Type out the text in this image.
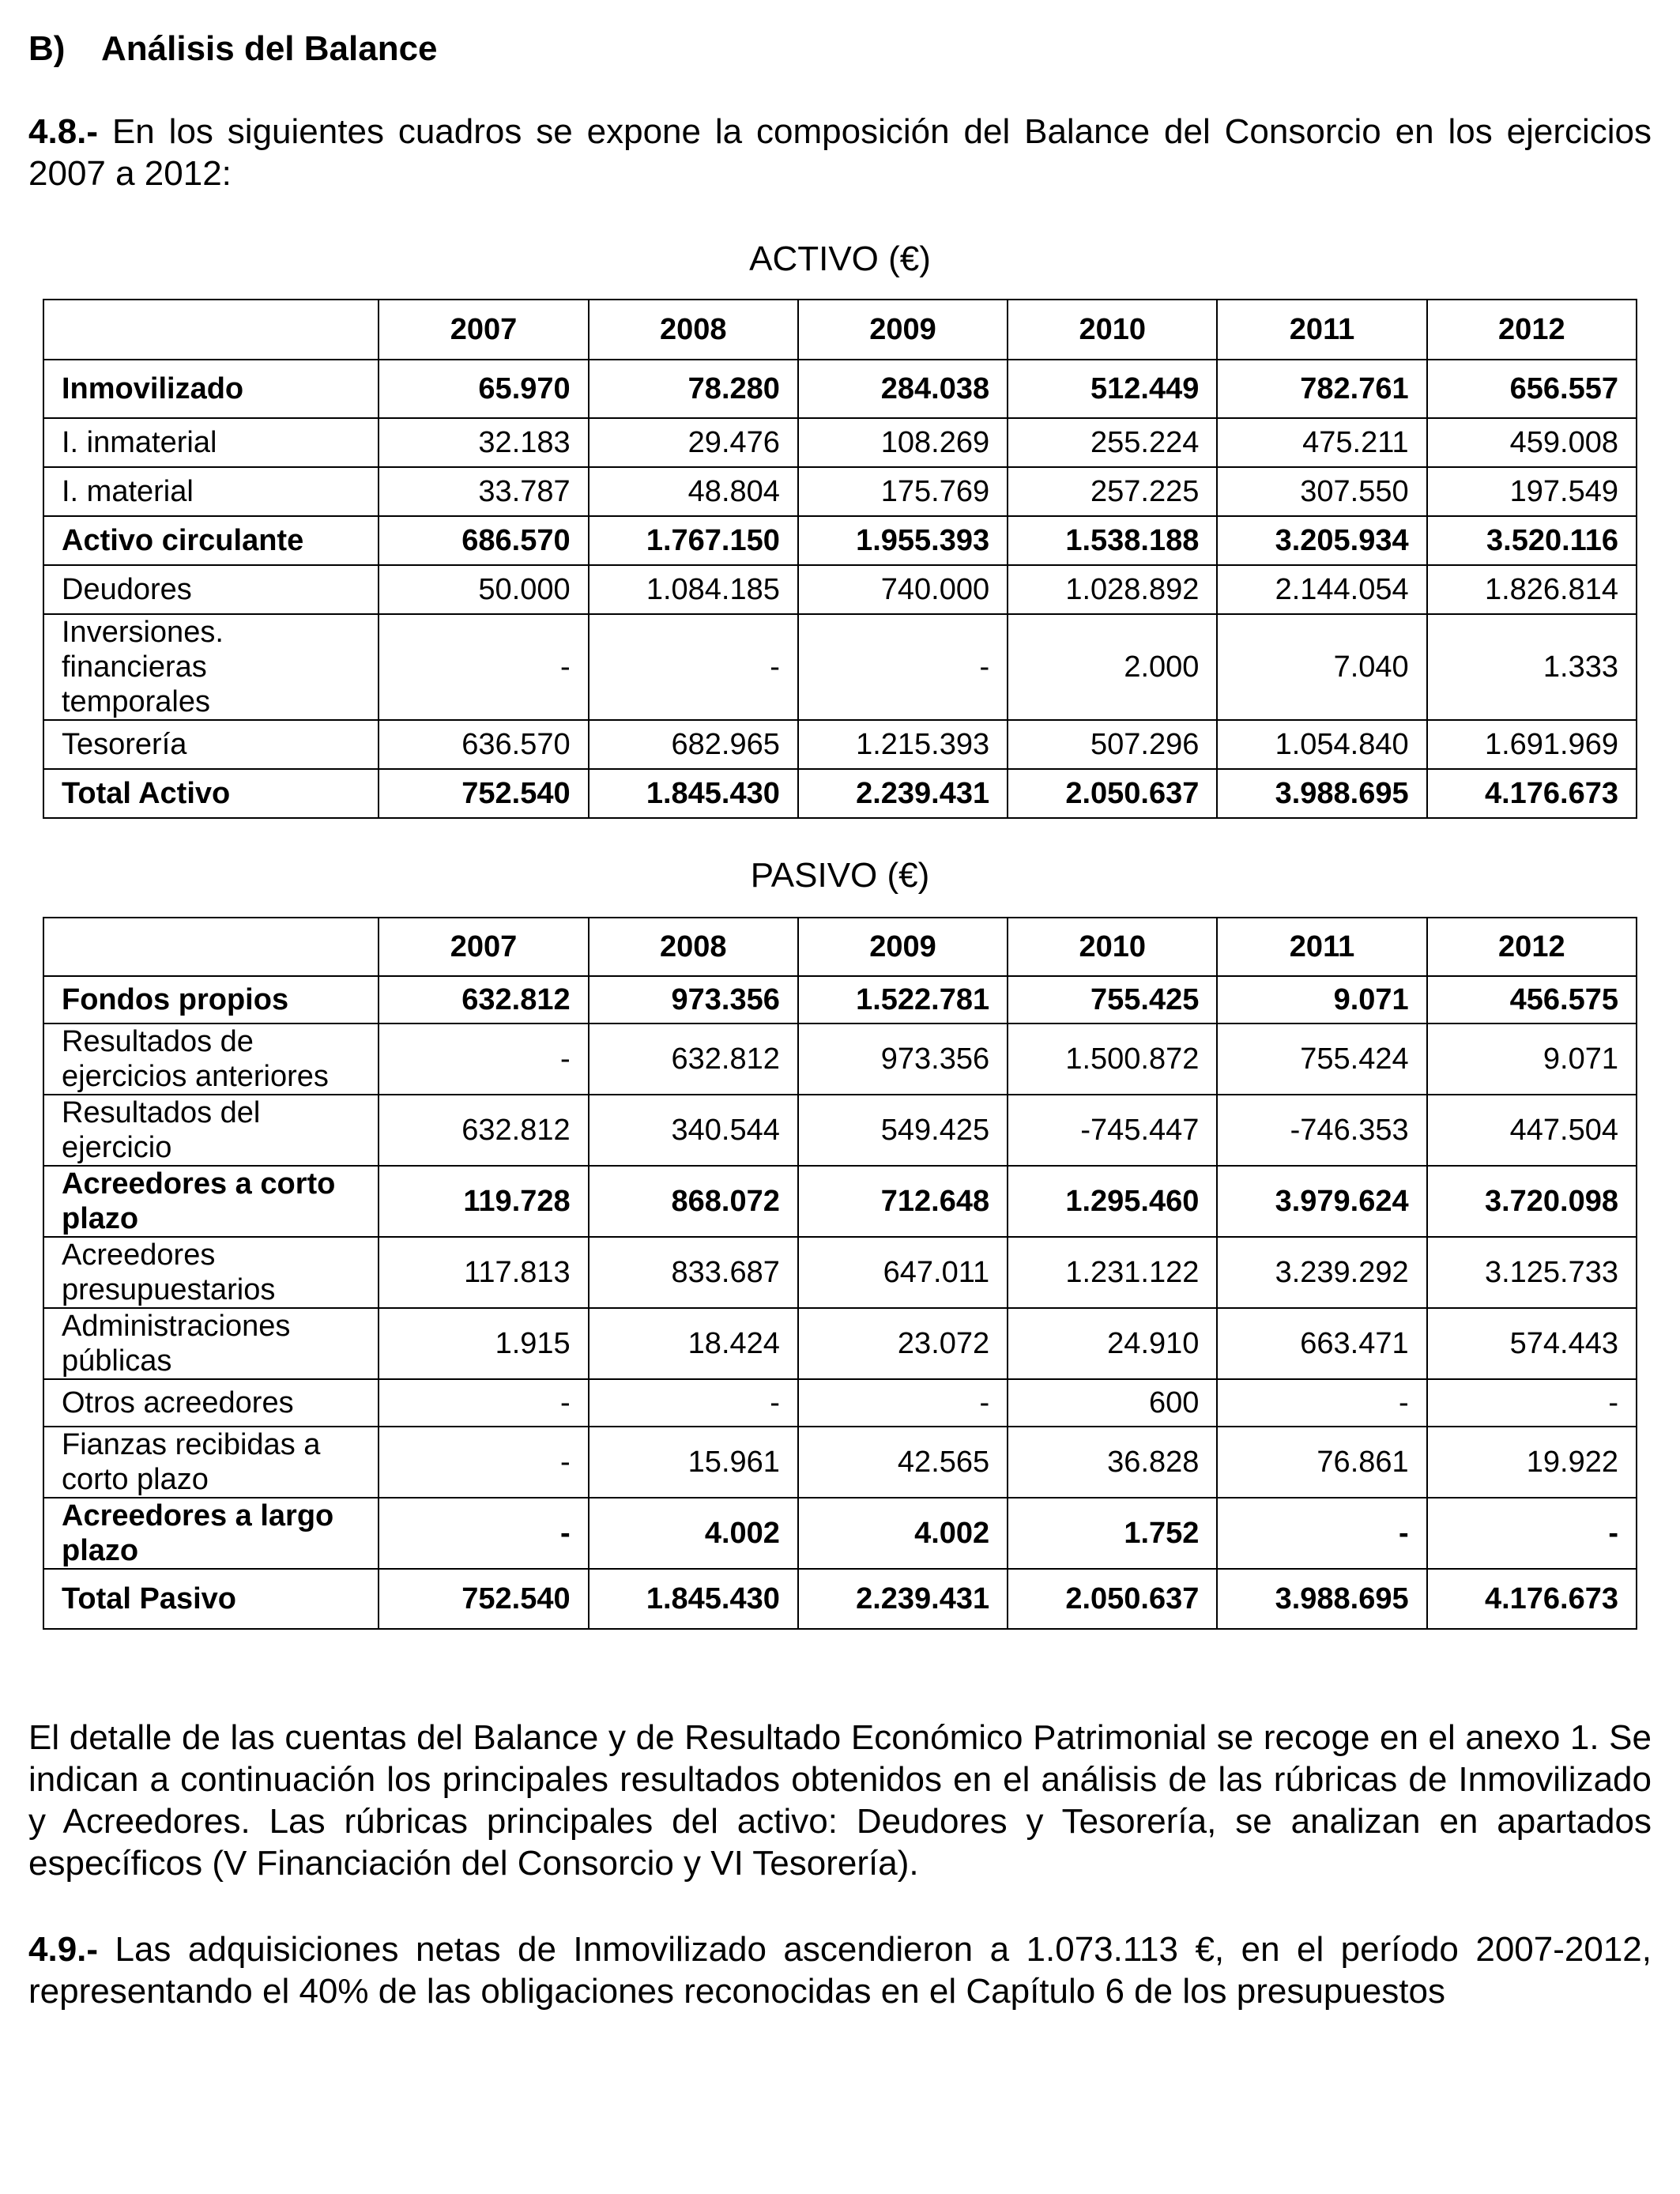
B) Análisis del Balance
4.8.- En los siguientes cuadros se expone la composición del Balance del Consorcio en los ejercicios 2007 a 2012:
ACTIVO (€)
	2007	2008	2009	2010	2011	2012
Inmovilizado	65.970	78.280	284.038	512.449	782.761	656.557
I. inmaterial	32.183	29.476	108.269	255.224	475.211	459.008
I. material	33.787	48.804	175.769	257.225	307.550	197.549
Activo circulante	686.570	1.767.150	1.955.393	1.538.188	3.205.934	3.520.116
Deudores	50.000	1.084.185	740.000	1.028.892	2.144.054	1.826.814
Inversiones. financieras temporales	-	-	-	2.000	7.040	1.333
Tesorería	636.570	682.965	1.215.393	507.296	1.054.840	1.691.969
Total Activo	752.540	1.845.430	2.239.431	2.050.637	3.988.695	4.176.673
PASIVO (€)
	2007	2008	2009	2010	2011	2012
Fondos propios	632.812	973.356	1.522.781	755.425	9.071	456.575
Resultados de ejercicios anteriores	-	632.812	973.356	1.500.872	755.424	9.071
Resultados del ejercicio	632.812	340.544	549.425	-745.447	-746.353	447.504
Acreedores a corto plazo	119.728	868.072	712.648	1.295.460	3.979.624	3.720.098
Acreedores presupuestarios	117.813	833.687	647.011	1.231.122	3.239.292	3.125.733
Administraciones públicas	1.915	18.424	23.072	24.910	663.471	574.443
Otros acreedores	-	-	-	600	-	-
Fianzas recibidas a corto plazo	-	15.961	42.565	36.828	76.861	19.922
Acreedores a largo plazo	-	4.002	4.002	1.752	-	-
Total Pasivo	752.540	1.845.430	2.239.431	2.050.637	3.988.695	4.176.673
El detalle de las cuentas del Balance y de Resultado Económico Patrimonial se recoge en el anexo 1. Se indican a continuación los principales resultados obtenidos en el análisis de las rúbricas de Inmovilizado y Acreedores. Las rúbricas principales del activo: Deudores y Tesorería, se analizan en apartados específicos (V Financiación del Consorcio y VI Tesorería).
4.9.- Las adquisiciones netas de Inmovilizado ascendieron a 1.073.113 €, en el período 2007-2012, representando el 40% de las obligaciones reconocidas en el Capítulo 6 de los presupuestos
